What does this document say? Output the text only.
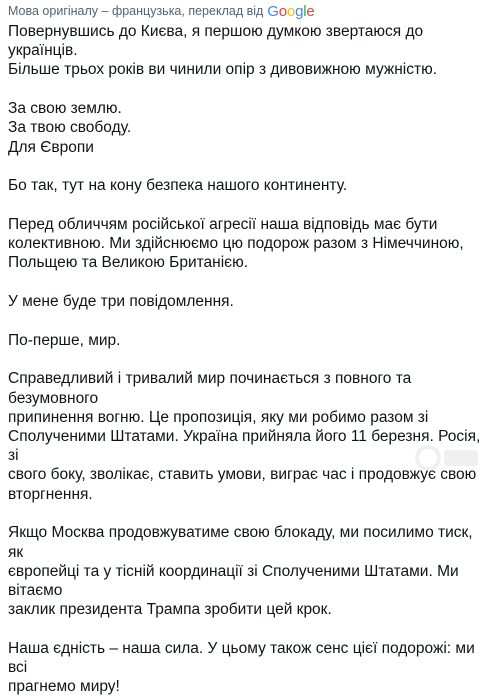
Мова оригіналу – французька, переклад від Google

Повернувшись до Києва, я першою думкою звертаюся до українців.

Більше трьох років ви чинили опір з дивовижною мужністю.

За свою землю.

За твою свободу.

Для Європи

Бо так, тут на кону безпека нашого континенту.

Перед обличчям російської агресії наша відповідь має бути

колективною. Ми здійснюємо цю подорож разом з Німеччиною,

Польщею та Великою Британією.

У мене буде три повідомлення.

По-перше, мир.

Справедливий і тривалий мир починається з повного та безумовного

припинення вогню. Це пропозиція, яку ми робимо разом зі

Сполученими Штатами. Україна прийняла його 11 березня. Росія, зі

свого боку, зволікає, ставить умови, виграє час і продовжує свою

вторгнення.

Якщо Москва продовжуватиме свою блокаду, ми посилимо тиск, як

європейці та у тісній координації зі Сполученими Штатами. Ми вітаємо

заклик президента Трампа зробити цей крок.

Наша єдність – наша сила. У цьому також сенс цієї подорожі: ми всі

прагнемо миру!
